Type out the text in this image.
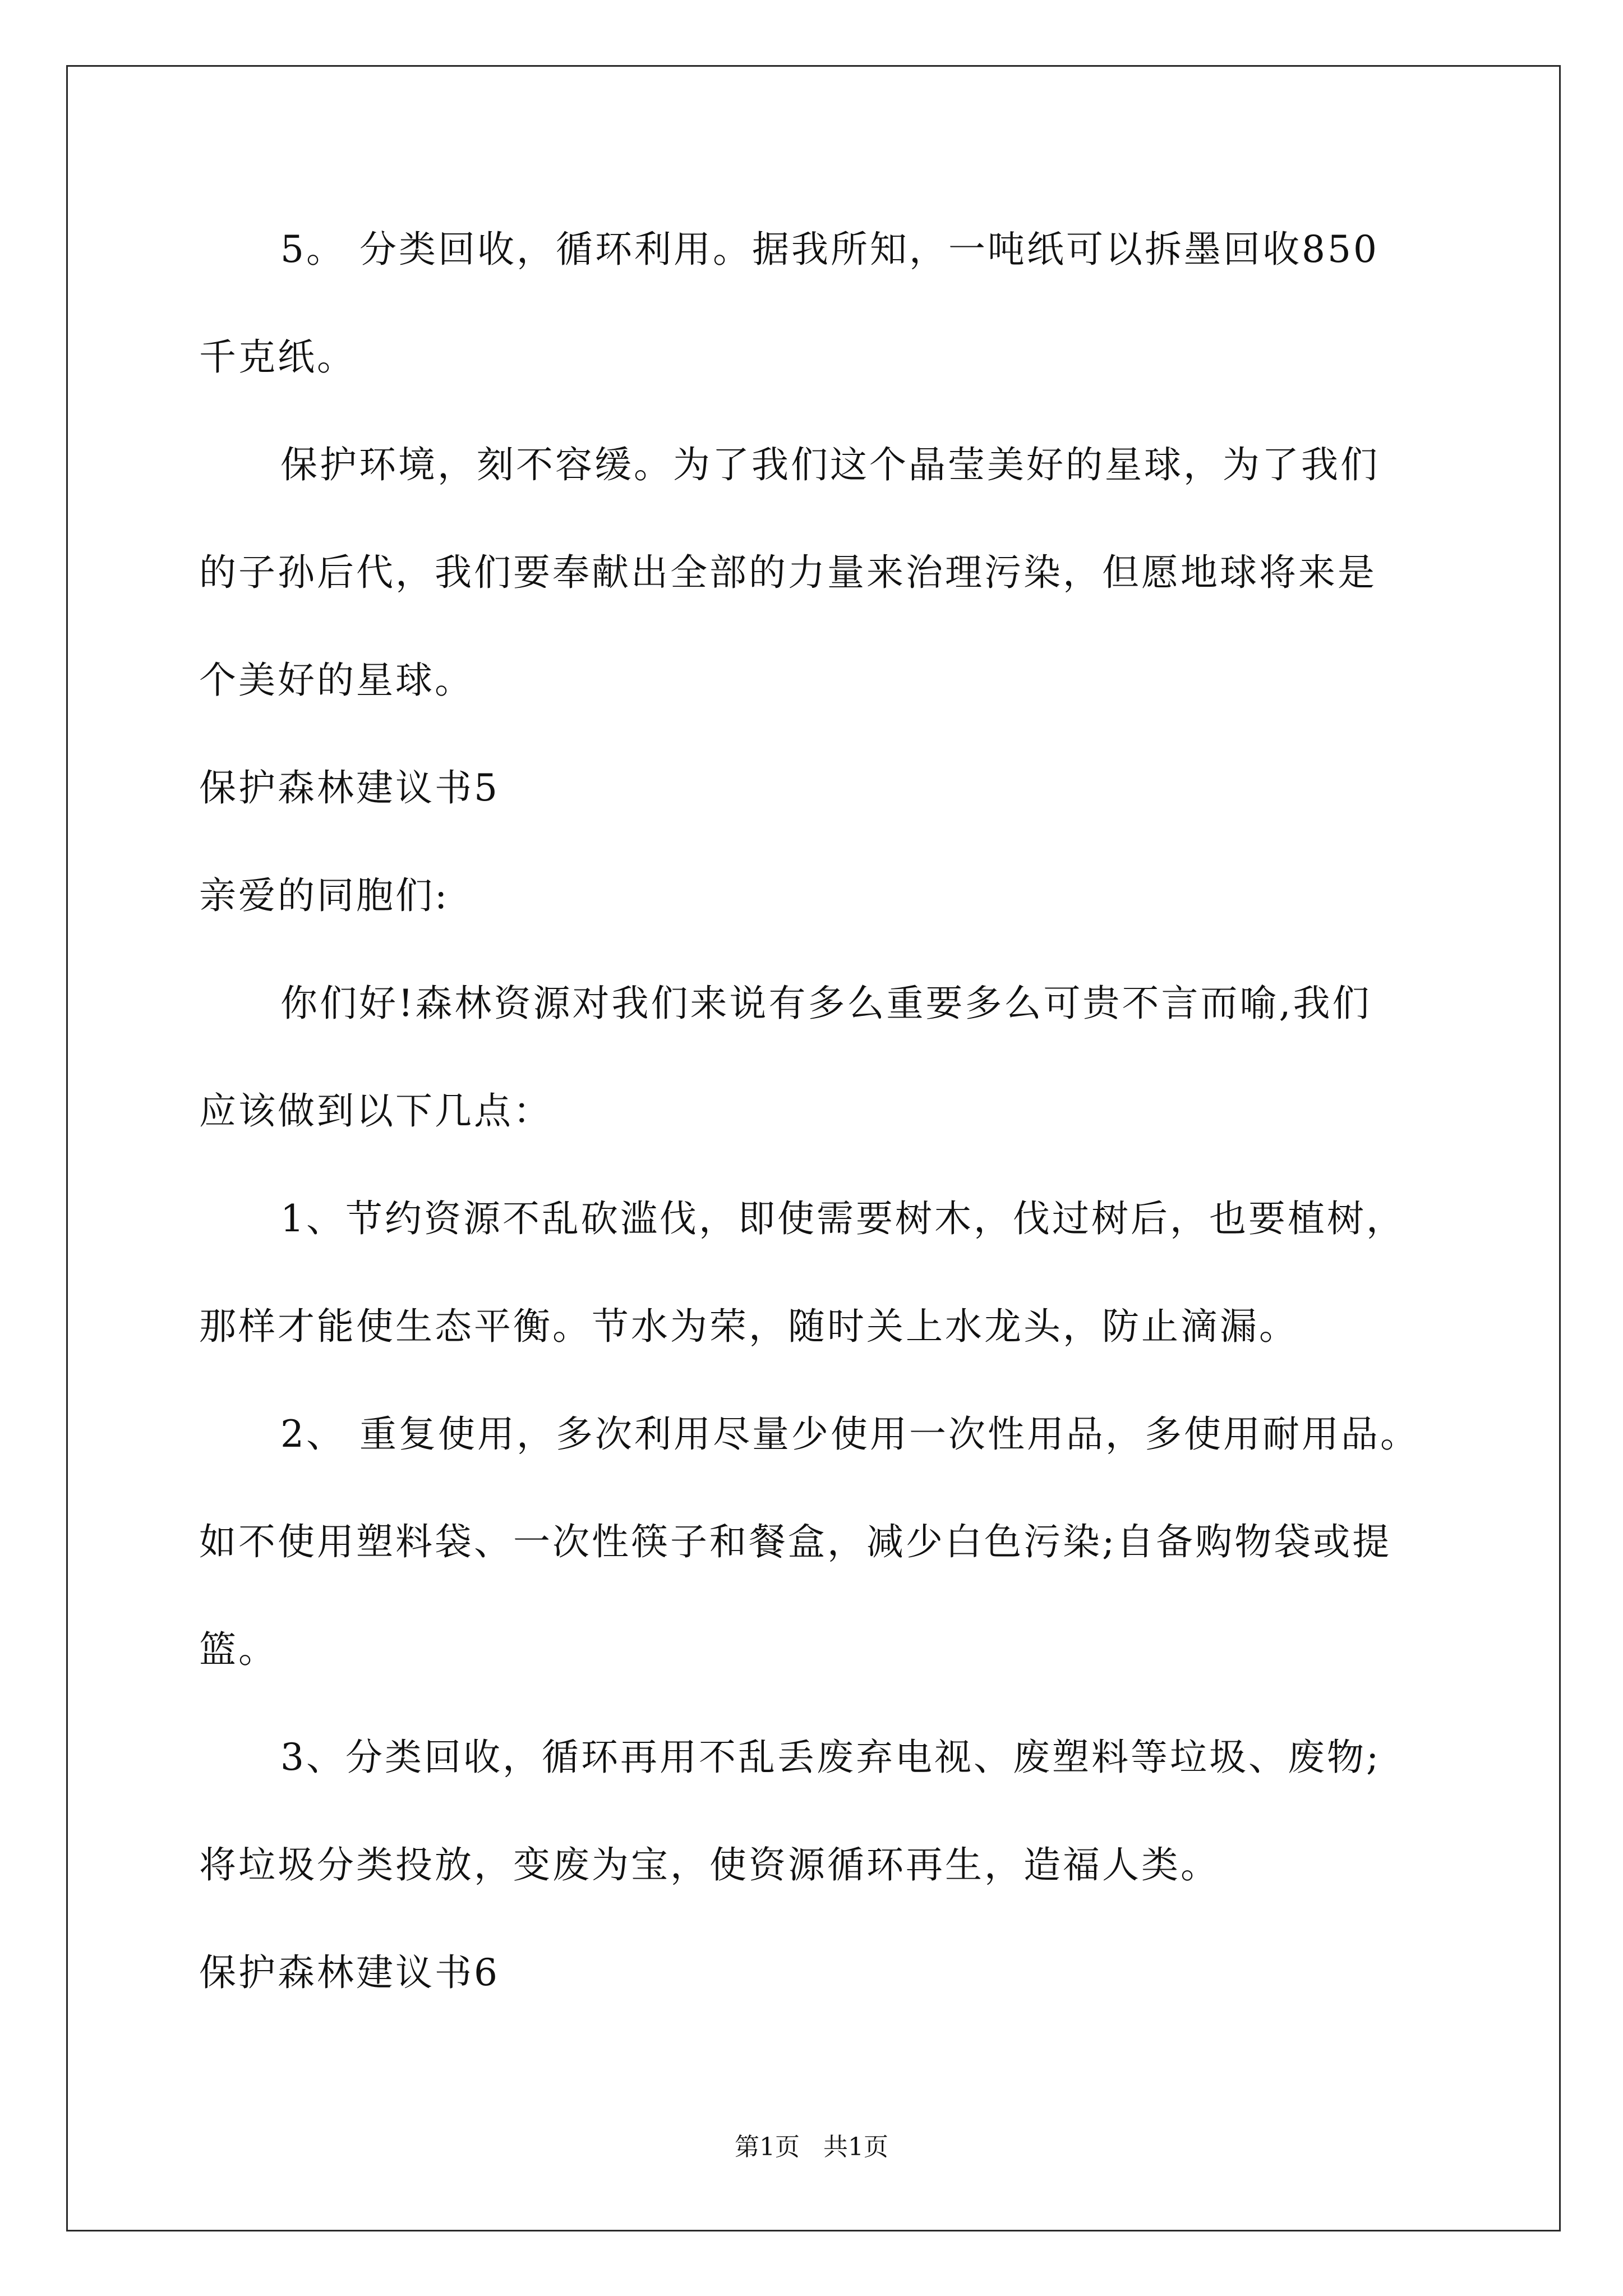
5。 分类回收，循环利用。据我所知，一吨纸可以拆墨回收850
千克纸。
保护环境，刻不容缓。为了我们这个晶莹美好的星球，为了我们
的子孙后代，我们要奉献出全部的力量来治理污染，但愿地球将来是
个美好的星球。
保护森林建议书5
亲爱的同胞们:
你们好!森林资源对我们来说有多么重要多么可贵不言而喻,我们
应该做到以下几点：
1、节约资源不乱砍滥伐，即使需要树木，伐过树后，也要植树，
那样才能使生态平衡。节水为荣，随时关上水龙头，防止滴漏。
2、 重复使用，多次利用尽量少使用一次性用品，多使用耐用品。
如不使用塑料袋、一次性筷子和餐盒，减少白色污染;自备购物袋或提
篮。
3、分类回收，循环再用不乱丢废弃电视、废塑料等垃圾、废物;
将垃圾分类投放，变废为宝，使资源循环再生，造福人类。
保护森林建议书6
第1页   共1页
